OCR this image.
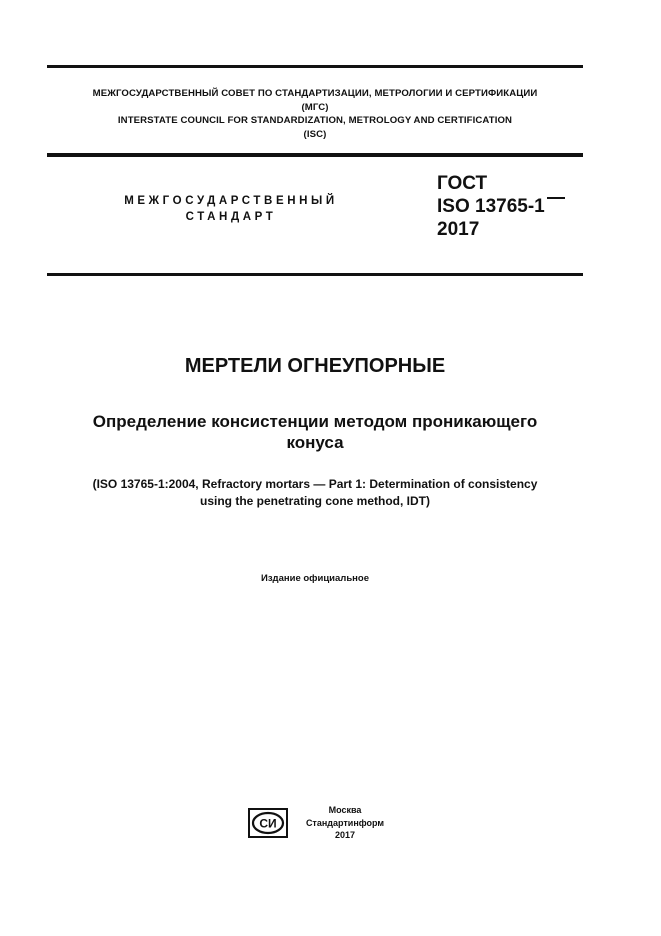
МЕЖГОСУДАРСТВЕННЫЙ СОВЕТ ПО СТАНДАРТИЗАЦИИ, МЕТРОЛОГИИ И СЕРТИФИКАЦИИ
(МГС)
INTERSTATE COUNCIL FOR STANDARDIZATION, METROLOGY AND CERTIFICATION
(ISC)
МЕЖГОСУДАРСТВЕННЫЙ
СТАНДАРТ
ГОСТ
ISO 13765-1
2017
МЕРТЕЛИ ОГНЕУПОРНЫЕ
Определение консистенции методом проникающего
конуса
(ISO 13765-1:2004, Refractory mortars — Part 1: Determination of consistency
using the penetrating cone method, IDT)
Издание официальное
СИ
Москва
Стандартинформ
2017
